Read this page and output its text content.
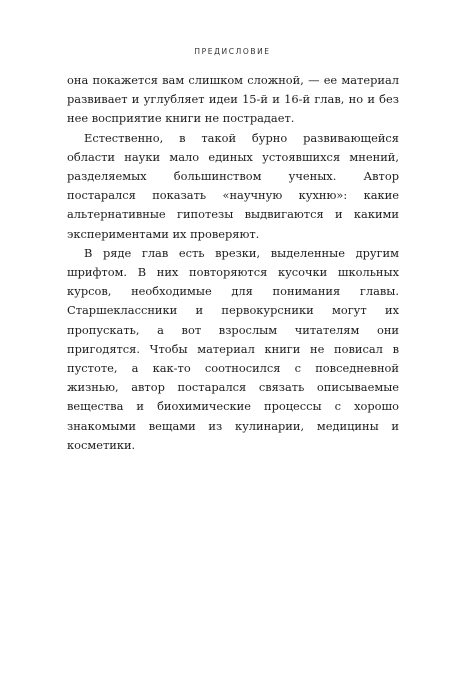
ПРЕДИСЛОВИЕ

она покажется вам слишком сложной, — ее материал развивает и углубляет идеи 15-й и 16-й глав, но и без нее восприятие книги не пострадает.

Естественно, в такой бурно развивающейся области науки мало единых устоявшихся мнений, разделяемых большинством ученых. Автор постарался показать «научную кухню»: какие альтернативные гипотезы выдвигаются и какими экспериментами их проверяют.

В ряде глав есть врезки, выделенные другим шрифтом. В них повторяются кусочки школьных курсов, необходимые для понимания главы. Старшеклассники и первокурсники могут их пропускать, а вот взрослым читателям они пригодятся. Чтобы материал книги не повисал в пустоте, а как-то соотносился с повседневной жизнью, автор постарался связать описываемые вещества и биохимические процессы с хорошо знакомыми вещами из кулинарии, медицины и косметики.
